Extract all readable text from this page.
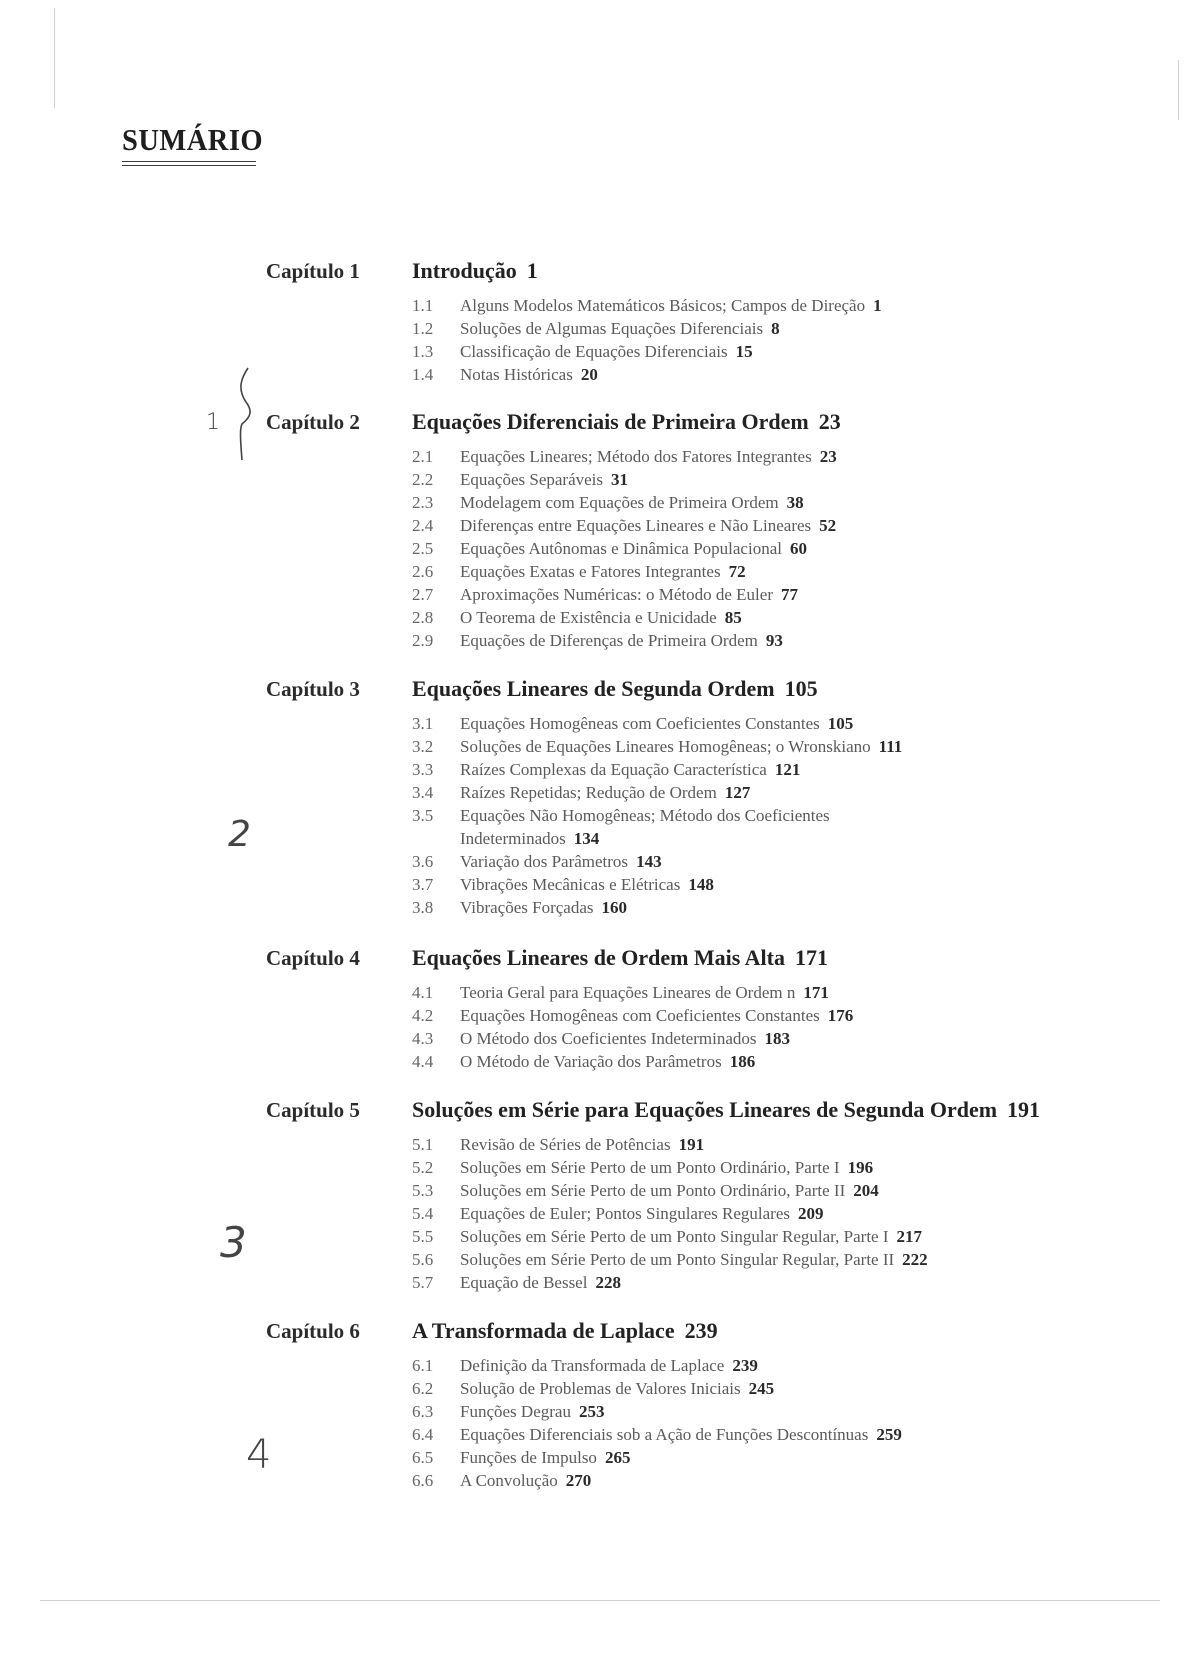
SUMÁRIO
Capítulo 1 Introdução 1
1.1 Alguns Modelos Matemáticos Básicos; Campos de Direção 1
1.2 Soluções de Algumas Equações Diferenciais 8
1.3 Classificação de Equações Diferenciais 15
1.4 Notas Históricas 20
Capítulo 2 Equações Diferenciais de Primeira Ordem 23
2.1 Equações Lineares; Método dos Fatores Integrantes 23
2.2 Equações Separáveis 31
2.3 Modelagem com Equações de Primeira Ordem 38
2.4 Diferenças entre Equações Lineares e Não Lineares 52
2.5 Equações Autônomas e Dinâmica Populacional 60
2.6 Equações Exatas e Fatores Integrantes 72
2.7 Aproximações Numéricas: o Método de Euler 77
2.8 O Teorema de Existência e Unicidade 85
2.9 Equações de Diferenças de Primeira Ordem 93
Capítulo 3 Equações Lineares de Segunda Ordem 105
3.1 Equações Homogêneas com Coeficientes Constantes 105
3.2 Soluções de Equações Lineares Homogêneas; o Wronskiano 111
3.3 Raízes Complexas da Equação Característica 121
3.4 Raízes Repetidas; Redução de Ordem 127
3.5 Equações Não Homogêneas; Método dos Coeficientes
Indeterminados 134
3.6 Variação dos Parâmetros 143
3.7 Vibrações Mecânicas e Elétricas 148
3.8 Vibrações Forçadas 160
Capítulo 4 Equações Lineares de Ordem Mais Alta 171
4.1 Teoria Geral para Equações Lineares de Ordem n 171
4.2 Equações Homogêneas com Coeficientes Constantes 176
4.3 O Método dos Coeficientes Indeterminados 183
4.4 O Método de Variação dos Parâmetros 186
Capítulo 5 Soluções em Série para Equações Lineares de Segunda Ordem 191
5.1 Revisão de Séries de Potências 191
5.2 Soluções em Série Perto de um Ponto Ordinário, Parte I 196
5.3 Soluções em Série Perto de um Ponto Ordinário, Parte II 204
5.4 Equações de Euler; Pontos Singulares Regulares 209
5.5 Soluções em Série Perto de um Ponto Singular Regular, Parte I 217
5.6 Soluções em Série Perto de um Ponto Singular Regular, Parte II 222
5.7 Equação de Bessel 228
Capítulo 6 A Transformada de Laplace 239
6.1 Definição da Transformada de Laplace 239
6.2 Solução de Problemas de Valores Iniciais 245
6.3 Funções Degrau 253
6.4 Equações Diferenciais sob a Ação de Funções Descontínuas 259
6.5 Funções de Impulso 265
6.6 A Convolução 270
1
2
3
4
